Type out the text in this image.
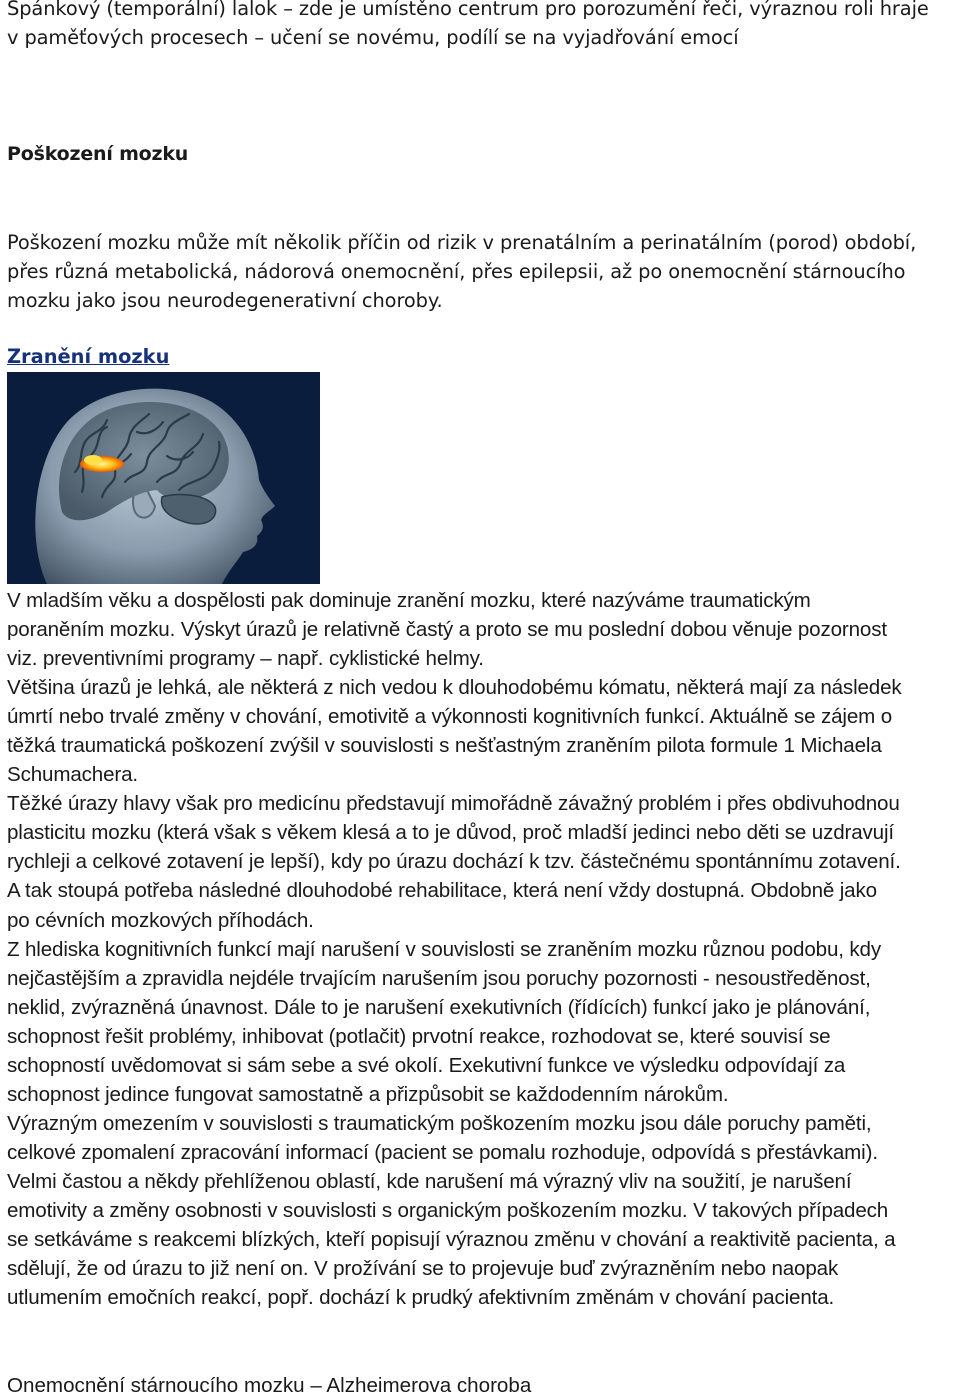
Spánkový (temporální) lalok – zde je umístěno centrum pro porozumění řeči, výraznou roli hraje
v paměťových procesech – učení se novému, podílí se na vyjadřování emocí
Poškození mozku
Poškození mozku může mít několik příčin od rizik v prenatálním a perinatálním (porod) období,
přes různá metabolická, nádorová onemocnění, přes epilepsii, až po onemocnění stárnoucího
mozku jako jsou neurodegenerativní choroby.
Zranění mozku

V mladším věku a dospělosti pak dominuje zranění mozku, které nazýváme traumatickým
poraněním mozku. Výskyt úrazů je relativně častý a proto se mu poslední dobou věnuje pozornost
viz. preventivními programy – např. cyklistické helmy.

Většina úrazů je lehká, ale některá z nich vedou k dlouhodobému kómatu, některá mají za následek
úmrtí nebo trvalé změny v chování, emotivitě a výkonnosti kognitivních funkcí. Aktuálně se zájem o
těžká traumatická poškození zvýšil v souvislosti s nešťastným zraněním pilota formule 1 Michaela
Schumachera.

Těžké úrazy hlavy však pro medicínu představují mimořádně závažný problém i přes obdivuhodnou
plasticitu mozku (která však s věkem klesá a to je důvod, proč mladší jedinci nebo děti se uzdravují
rychleji a celkové zotavení je lepší), kdy po úrazu dochází k tzv. částečnému spontánnímu zotavení.
A tak stoupá potřeba následné dlouhodobé rehabilitace, která není vždy dostupná. Obdobně jako
po cévních mozkových příhodách.

Z hlediska kognitivních funkcí mají narušení v souvislosti se zraněním mozku různou podobu, kdy
nejčastějším a zpravidla nejdéle trvajícím narušením jsou poruchy pozornosti - nesoustředěnost,
neklid, zvýrazněná únavnost. Dále to je narušení exekutivních (řídících) funkcí jako je plánování,
schopnost řešit problémy, inhibovat (potlačit) prvotní reakce, rozhodovat se, které souvisí se
schopností uvědomovat si sám sebe a své okolí. Exekutivní funkce ve výsledku odpovídají za
schopnost jedince fungovat samostatně a přizpůsobit se každodenním nárokům.

Výrazným omezením v souvislosti s traumatickým poškozením mozku jsou dále poruchy paměti,
celkové zpomalení zpracování informací (pacient se pomalu rozhoduje, odpovídá s přestávkami).
Velmi častou a někdy přehlíženou oblastí, kde narušení má výrazný vliv na soužití, je narušení
emotivity a změny osobnosti v souvislosti s organickým poškozením mozku. V takových případech
se setkáváme s reakcemi blízkých, kteří popisují výraznou změnu v chování a reaktivitě pacienta, a
sdělují, že od úrazu to již není on. V prožívání se to projevuje buď zvýrazněním nebo naopak
utlumením emočních reakcí, popř. dochází k prudký afektivním změnám v chování pacienta.

Onemocnění stárnoucího mozku – Alzheimerova choroba
